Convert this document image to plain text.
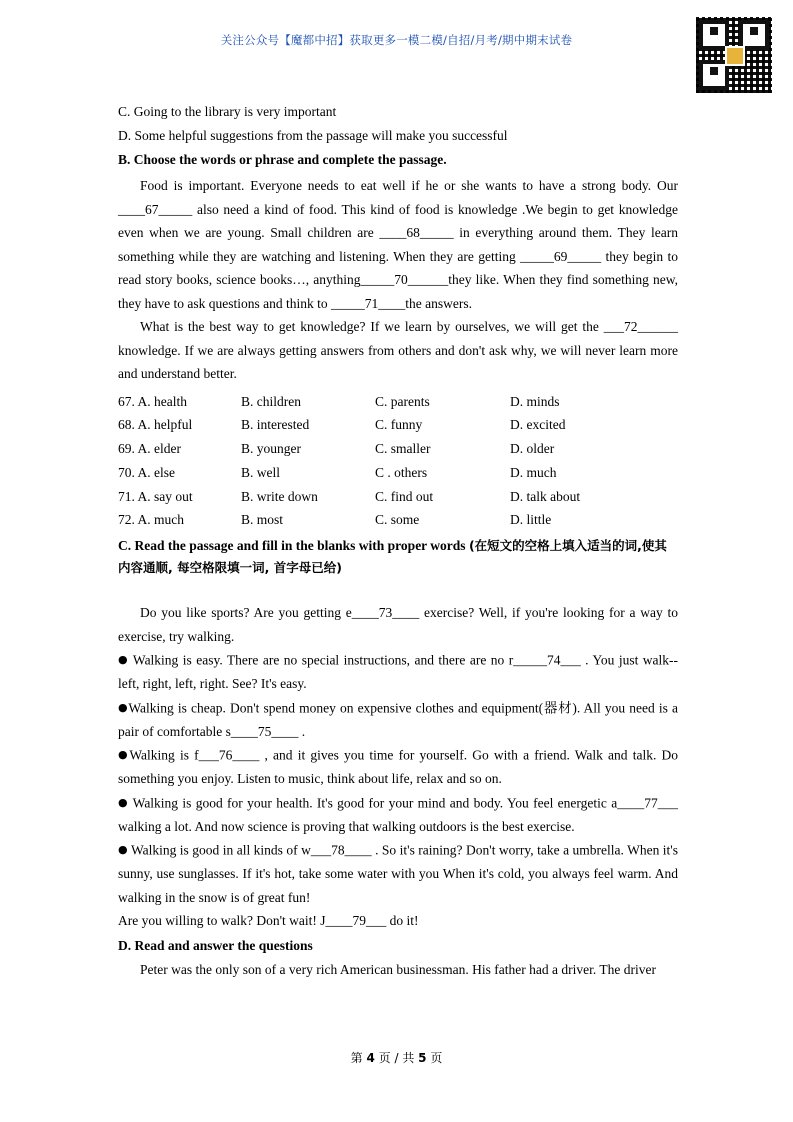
关注公众号【魔都中招】获取更多一模二模/自招/月考/期中期末试卷
C. Going to the library is very important
D. Some helpful suggestions from the passage will make you successful
B. Choose the words or phrase and complete the passage.

Food is important. Everyone needs to eat well if he or she wants to have a strong body. Our ____67_____ also need a kind of food. This kind of food is knowledge .We begin to get knowledge even when we are young. Small children are ____68_____ in everything around them. They learn something while they are watching and listening. When they are getting _____69_____ they begin to read story books, science books…, anything_____70______they like. When they find something new, they have to ask questions and think to _____71____the answers.

What is the best way to get knowledge? If we learn by ourselves, we will get the ___72______ knowledge. If we are always getting answers from others and don't ask why, we will never learn more and understand better.

67. A. health	B. children	C. parents	D. minds
68. A. helpful	B. interested	C. funny	D. excited
69. A. elder	B. younger	C. smaller	D. older
70. A. else	B. well	C . others	D. much
71. A. say out	B. write down	C. find out	D. talk about
72. A. much	B. most	C. some	D. little
C. Read the passage and fill in the blanks with proper words (在短文的空格上填入适当的词,使其内容通顺, 每空格限填一词, 首字母已给)

Do you like sports? Are you getting e____73____ exercise? Well, if you're looking for a way to exercise, try walking.

● Walking is easy. There are no special instructions, and there are no r_____74___ . You just walk--left, right, left, right. See? It's easy.

●Walking is cheap. Don't spend money on expensive clothes and equipment(器材). All you need is a pair of comfortable s____75____ .

●Walking is f___76____ , and it gives you time for yourself. Go with a friend. Walk and talk. Do something you enjoy. Listen to music, think about life, relax and so on.

● Walking is good for your health. It's good for your mind and body. You feel energetic a____77___ walking a lot. And now science is proving that walking outdoors is the best exercise.

● Walking is good in all kinds of w___78____ . So it's raining? Don't worry, take a umbrella. When it's sunny, use sunglasses. If it's hot, take some water with you When it's cold, you always feel warm. And walking in the snow is of great fun!

Are you willing to walk? Don't wait! J____79___ do it!

D. Read and answer the questions

Peter was the only son of a very rich American businessman. His father had a driver. The driver

第 4 页 / 共 5 页
